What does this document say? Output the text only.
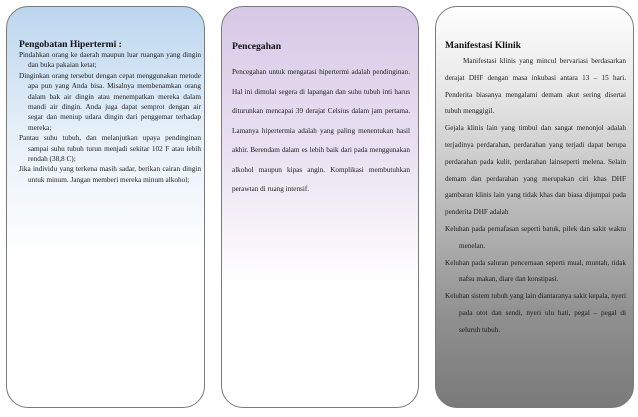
Pengobatan Hipertermi :

Pindahkan orang ke daerah maupun luar ruangan yang dingin dan buka pakaian ketat;

Dinginkan orang tersebut dengan cepat menggunakan metode apa pun yang Anda bisa. Misalnya membenamkan orang dalam bak air dingin atau menempatkan mereka dalam mandi air dingin. Anda juga dapat semprot dengan air segar dan meniup udara dingin dari penggemar terhadap mereka;

Pantau suhu tubuh, dan melanjutkan upaya pendinginan sampai suhu tubuh turun menjadi sekitar 102 F atau lebih rendah (38,8 C);

Jika individu yang terkena masih sadar, berikan cairan dingin untuk minum. Jangan memberi mereka minum alkohol;

Pencegahan

Pencegahan untuk mengatasi hipertermi adalah pendinginan. Hal ini dimulai segera di lapangan dan suhu tubuh inti harus diturunkan mencapai 39 derajat Celsius dalam jam pertama. Lamanya hipertermia adalah yang paling menentukan hasil akhir. Berendam dalam es lebih baik dari pada menggunakan alkohol maupun kipas angin. Komplikasi membutuhkan perawtan di ruang intensif.

Manifestasi Klinik

Manifestasi klinis yang mincul bervariasi berdasarkan derajat DHF dengan masa inkubasi antara 13 – 15 hari. Penderita biasanya mengalami demam akut sering disertai tubuh menggigil.

Gejala klinis lain yang timbul dan sangat menonjol adalah terjadinya perdarahan, perdarahan yang terjadi dapat berupa perdarahan pada kulit, perdarahan lainseperti melena. Selain demam dan perdarahan yang merupakan ciri khas DHF gambaran klinis lain yang tidak khas dan biasa dijumpai pada penderita DHF adalah

Keluhan pada pernafasan seperti batuk, pilek dan sakit waktu menelan.

Keluhan pada saluran pencernaan seperti mual, muntah, tidak nafsu makan, diare dan konstipasi.

Keluhan sistem tubuh yang lain diantaranya sakit kepala, nyeri pada otot dan sendi, nyeri ulu hati, pegal – pegal di seluruh tubuh.
